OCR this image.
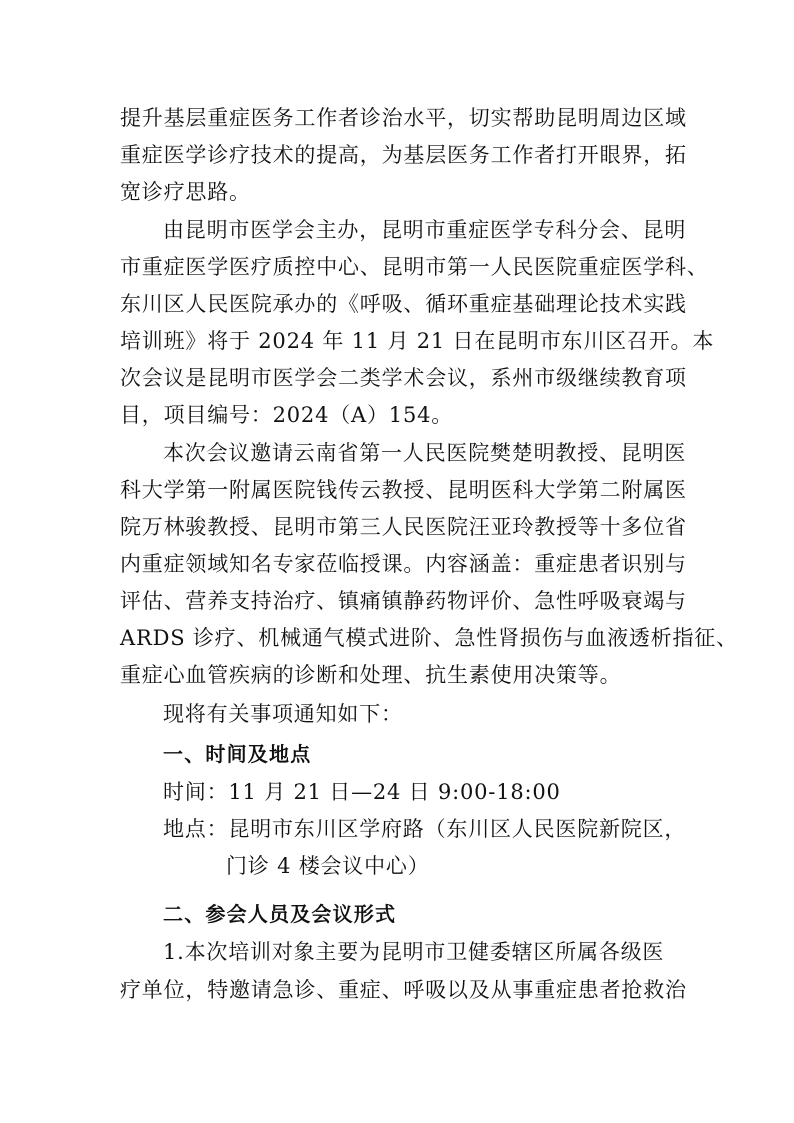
提升基层重症医务工作者诊治水平，切实帮助昆明周边区域
重症医学诊疗技术的提高，为基层医务工作者打开眼界，拓
宽诊疗思路。
由昆明市医学会主办，昆明市重症医学专科分会、昆明
市重症医学医疗质控中心、昆明市第一人民医院重症医学科、
东川区人民医院承办的《呼吸、循环重症基础理论技术实践
培训班》将于 2024 年 11 月 21 日在昆明市东川区召开。本
次会议是昆明市医学会二类学术会议，系州市级继续教育项
目，项目编号：2024（A）154。
本次会议邀请云南省第一人民医院樊楚明教授、昆明医
科大学第一附属医院钱传云教授、昆明医科大学第二附属医
院万林骏教授、昆明市第三人民医院汪亚玲教授等十多位省
内重症领域知名专家莅临授课。内容涵盖：重症患者识别与
评估、营养支持治疗、镇痛镇静药物评价、急性呼吸衰竭与
ARDS 诊疗、机械通气模式进阶、急性肾损伤与血液透析指征、
重症心血管疾病的诊断和处理、抗生素使用决策等。
现将有关事项通知如下：
一、时间及地点
时间：11 月 21 日—24 日 9:00-18:00
地点：昆明市东川区学府路（东川区人民医院新院区，
门诊 4 楼会议中心）
二、参会人员及会议形式
1.本次培训对象主要为昆明市卫健委辖区所属各级医
疗单位，特邀请急诊、重症、呼吸以及从事重症患者抢救治
